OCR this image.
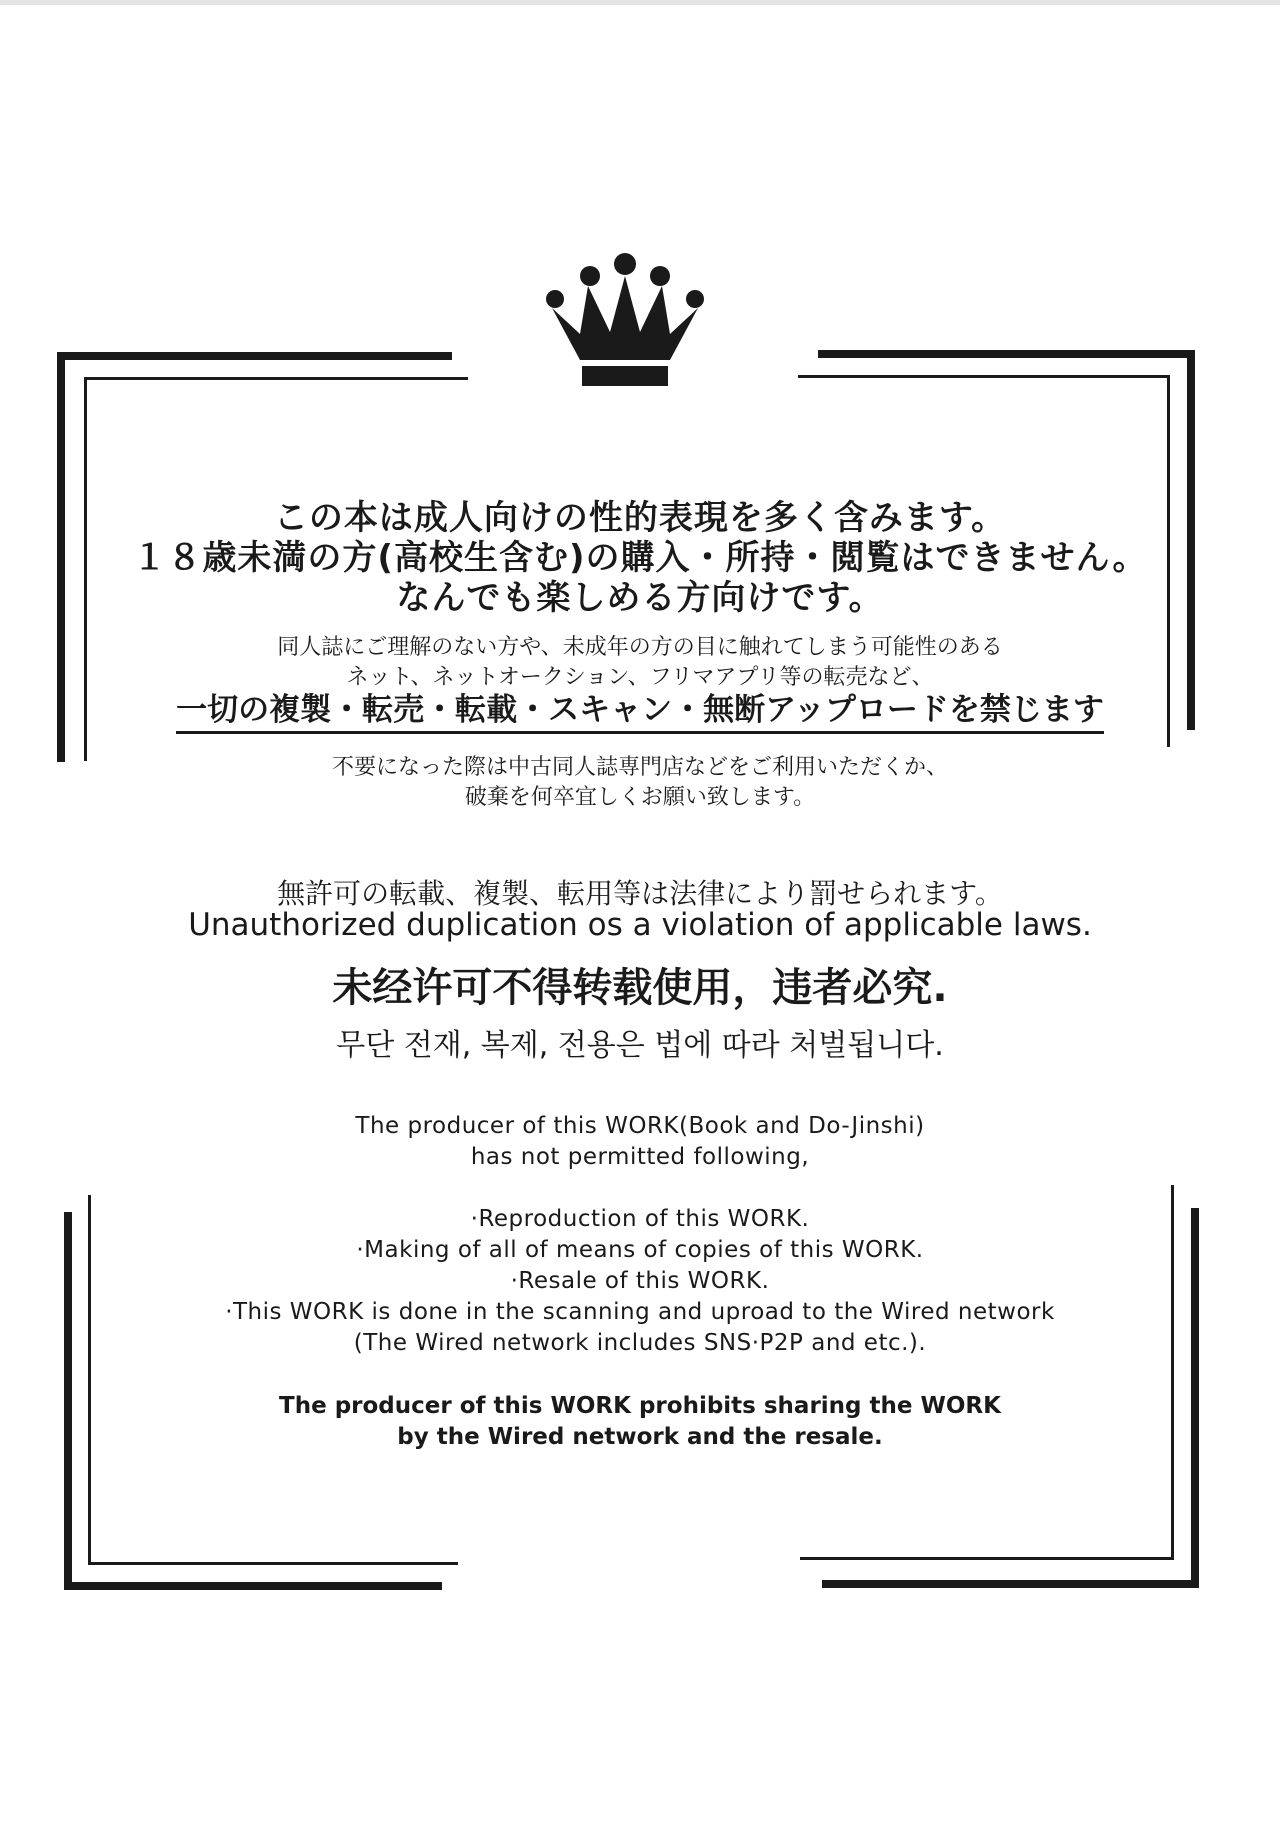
この本は成人向けの性的表現を多く含みます。

１８歳未満の方(高校生含む)の購入・所持・閲覧はできません。

なんでも楽しめる方向けです。

同人誌にご理解のない方や、未成年の方の目に触れてしまう可能性のある

ネット、ネットオークション、フリマアプリ等の転売など、

一切の複製・転売・転載・スキャン・無断アップロードを禁じます

不要になった際は中古同人誌専門店などをご利用いただくか、

破棄を何卒宜しくお願い致します。

無許可の転載、複製、転用等は法律により罰せられます。

Unauthorized duplication os a violation of applicable laws.

未经许可不得转载使用，违者必究.

무단 전재, 복제, 전용은 법에 따라 처벌됩니다.

The producer of this WORK(Book and Do-Jinshi)

has not permitted following,

·Reproduction of this WORK.

·Making of all of means of copies of this WORK.

·Resale of this WORK.

·This WORK is done in the scanning and uproad to the Wired network

(The Wired network includes SNS·P2P and etc.).

The producer of this WORK prohibits sharing the WORK

by the Wired network and the resale.
